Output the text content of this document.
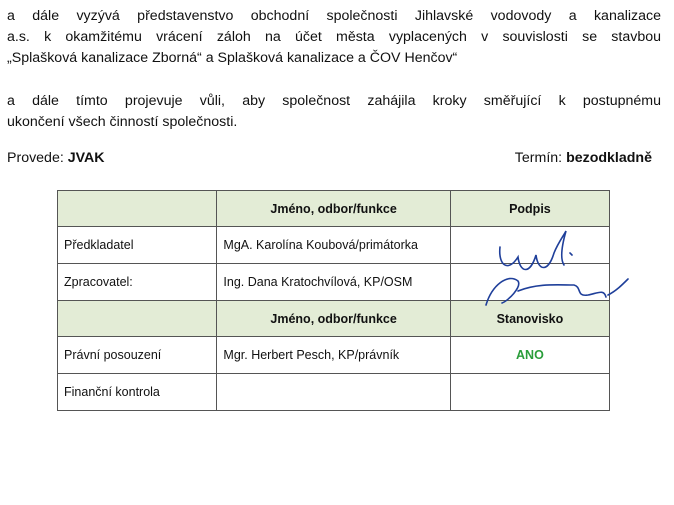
a dále vyzývá představenstvo obchodní společnosti Jihlavské vodovody a kanalizace
a.s. k okamžitému vrácení záloh na účet města vyplacených v souvislosti se stavbou
„Splašková kanalizace Zborná“ a Splašková kanalizace a ČOV Henčov“
a dále tímto projevuje vůli, aby společnost zahájila kroky směřující k postupnému
ukončení všech činností společnosti.
Provede: JVAK	Termín: bezodkladně
	Jméno, odbor/funkce	Podpis
Předkladatel	MgA. Karolína Koubová/primátorka	
Zpracovatel:	Ing. Dana Kratochvílová, KP/OSM	
	Jméno, odbor/funkce	Stanovisko
Právní posouzení	Mgr. Herbert Pesch, KP/právník	ANO
Finanční kontrola		
